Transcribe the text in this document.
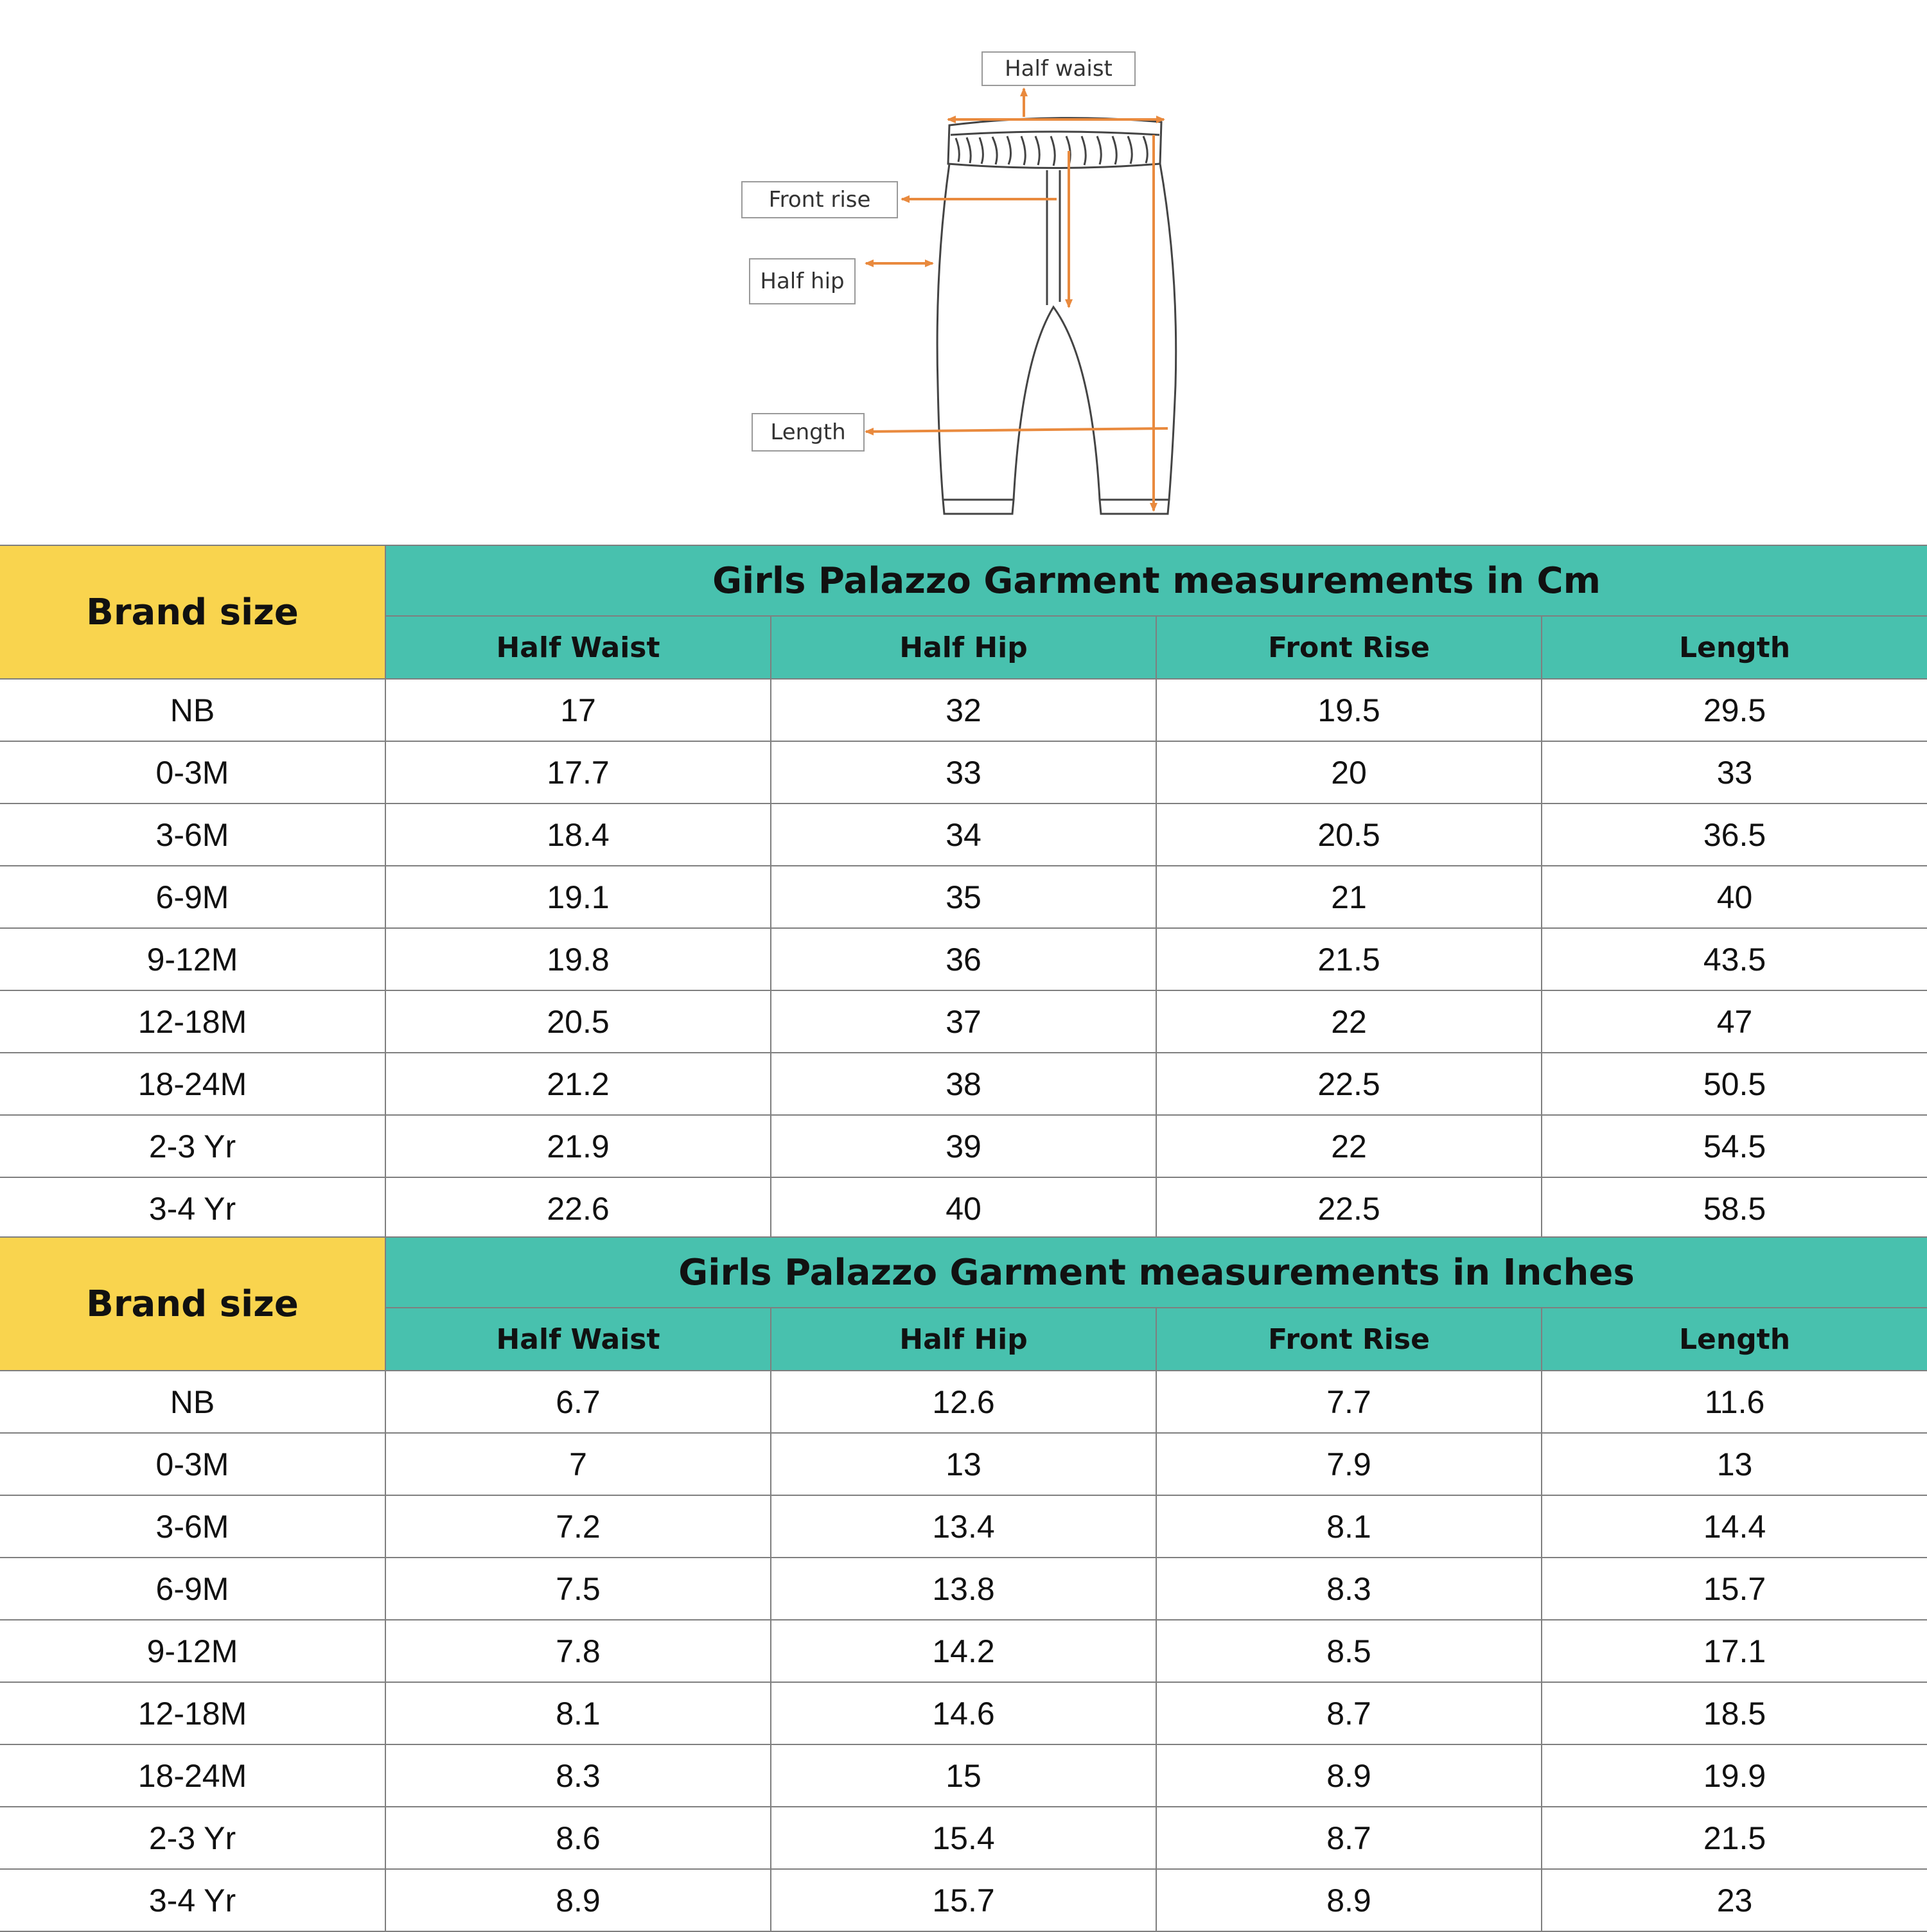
Half waist
Front rise
Half hip
Length
Brand size	Girls Palazzo Garment measurements in Cm			
	Half Waist	Half Hip	Front Rise	Length
NB	17	32	19.5	29.5
0-3M	17.7	33	20	33
3-6M	18.4	34	20.5	36.5
6-9M	19.1	35	21	40
9-12M	19.8	36	21.5	43.5
12-18M	20.5	37	22	47
18-24M	21.2	38	22.5	50.5
2-3 Yr	21.9	39	22	54.5
3-4 Yr	22.6	40	22.5	58.5
Brand size	Girls Palazzo Garment measurements in Inches			
	Half Waist	Half Hip	Front Rise	Length
NB	6.7	12.6	7.7	11.6
0-3M	7	13	7.9	13
3-6M	7.2	13.4	8.1	14.4
6-9M	7.5	13.8	8.3	15.7
9-12M	7.8	14.2	8.5	17.1
12-18M	8.1	14.6	8.7	18.5
18-24M	8.3	15	8.9	19.9
2-3 Yr	8.6	15.4	8.7	21.5
3-4 Yr	8.9	15.7	8.9	23
